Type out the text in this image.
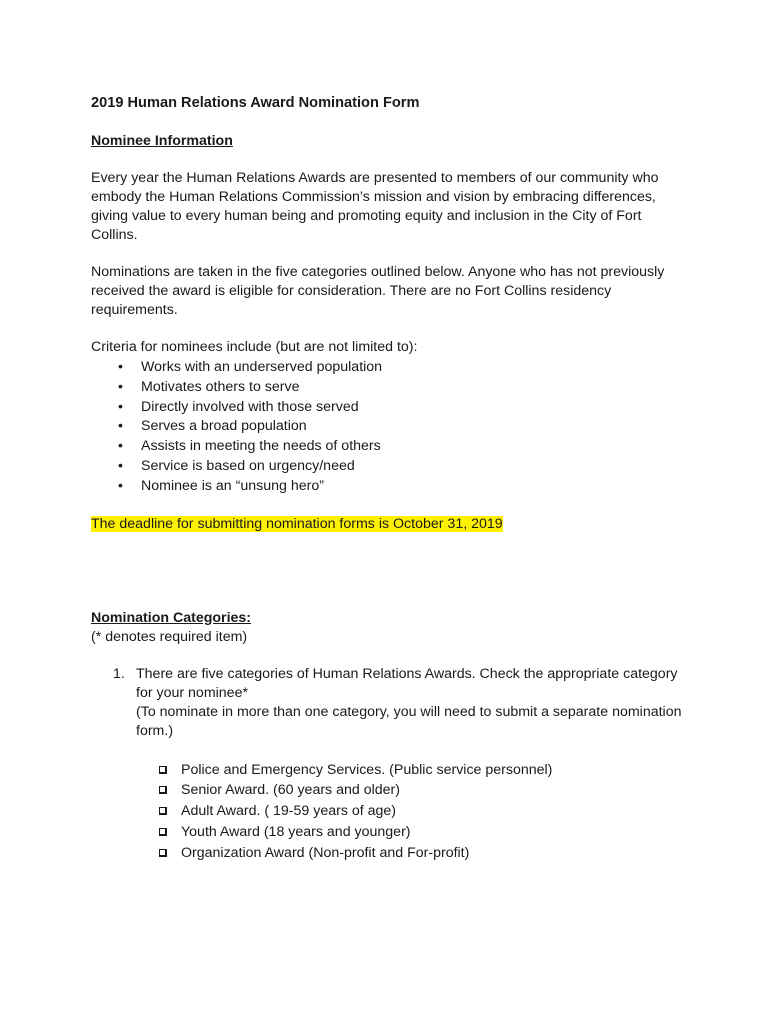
2019 Human Relations Award Nomination Form
Nominee Information

Every year the Human Relations Awards are presented to members of our community who embody the Human Relations Commission’s mission and vision by embracing differences, giving value to every human being and promoting equity and inclusion in the City of Fort Collins.

Nominations are taken in the five categories outlined below. Anyone who has not previously received the award is eligible for consideration. There are no Fort Collins residency requirements.

Criteria for nominees include (but are not limited to):

• Works with an underserved population
• Motivates others to serve
• Directly involved with those served
• Serves a broad population
• Assists in meeting the needs of others
• Service is based on urgency/need
• Nominee is an “unsung hero”

The deadline for submitting nomination forms is October 31, 2019

Nomination Categories:

(* denotes required item)

1. There are five categories of Human Relations Awards. Check the appropriate category for your nominee*

(To nominate in more than one category, you will need to submit a separate nomination form.)

Police and Emergency Services. (Public service personnel)
Senior Award. (60 years and older)
Adult Award. ( 19-59 years of age)
Youth Award (18 years and younger)
Organization Award (Non-profit and For-profit)
